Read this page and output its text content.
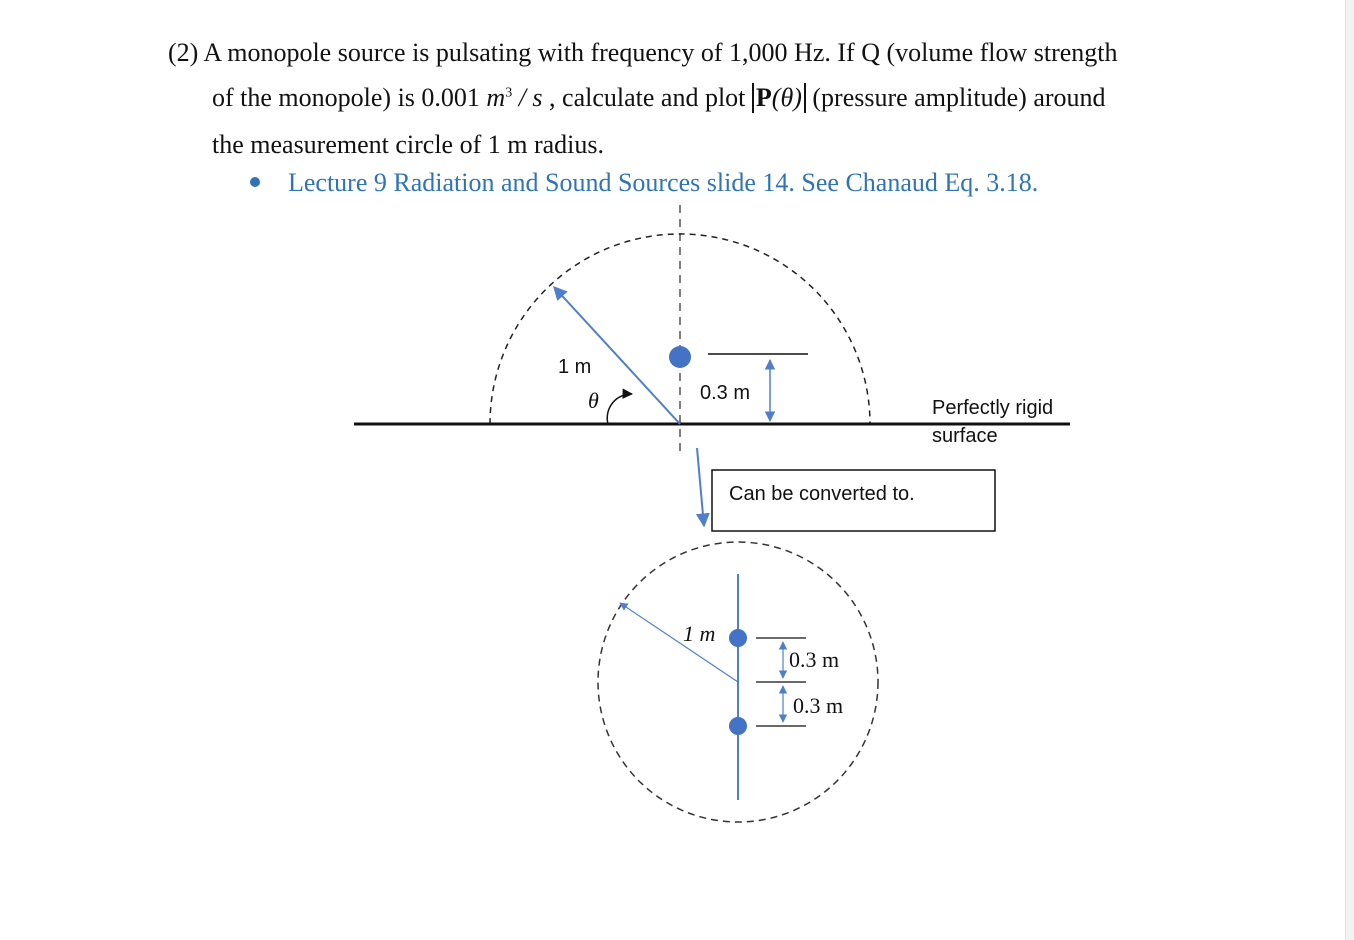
(2) A monopole source is pulsating with frequency of 1,000 Hz. If Q (volume flow strength
of the monopole) is 0.001 $m^3$ / s , calculate and plot P(θ) (pressure amplitude) around
the measurement circle of 1 m radius.
Lecture 9 Radiation and Sound Sources slide 14. See Chanaud Eq. 3.18.
1 m
θ	0.3 m
Perfectly rigid
surface
Can be converted to.
1 m
0.3 m
0.3 m
